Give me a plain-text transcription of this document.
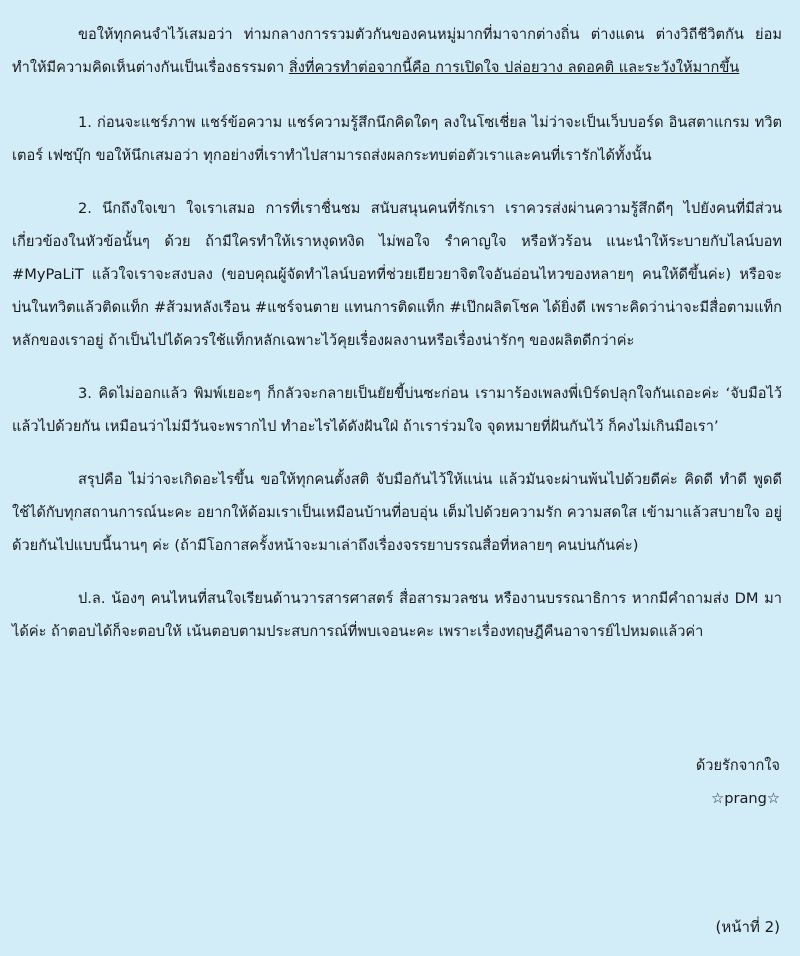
ขอให้ทุกคนจำไว้เสมอว่า ท่ามกลางการรวมตัวกันของคนหมู่มากที่มาจากต่างถิ่น ต่างแดน ต่างวิถีชีวิตกัน ย่อมทำให้มีความคิดเห็นต่างกันเป็นเรื่องธรรมดา สิ่งที่ควรทำต่อจากนี้คือ การเปิดใจ ปล่อยวาง ลดอคติ และระวังให้มากขึ้น

1. ก่อนจะแชร์ภาพ แชร์ข้อความ แชร์ความรู้สึกนึกคิดใดๆ ลงในโซเชี่ยล ไม่ว่าจะเป็นเว็บบอร์ด อินสตาแกรม ทวิตเตอร์ เฟซบุ๊ก ขอให้นึกเสมอว่า ทุกอย่างที่เราทำไปสามารถส่งผลกระทบต่อตัวเราและคนที่เรารักได้ทั้งนั้น

2. นึกถึงใจเขา ใจเราเสมอ การที่เราชื่นชม สนับสนุนคนที่รักเรา เราควรส่งผ่านความรู้สึกดีๆ ไปยังคนที่มีส่วนเกี่ยวข้องในหัวข้อนั้นๆ ด้วย ถ้ามีใครทำให้เราหงุดหงิด ไม่พอใจ รำคาญใจ หรือหัวร้อน แนะนำให้ระบายกับไลน์บอท #MyPaLiT แล้วใจเราจะสงบลง (ขอบคุณผู้จัดทำไลน์บอทที่ช่วยเยียวยาจิตใจอันอ่อนไหวของหลายๆ คนให้ดีขึ้นค่ะ) หรือจะบ่นในทวิตแล้วติดแท็ก #ส้วมหลังเรือน #แชร์จนตาย แทนการติดแท็ก #เป๊กผลิตโชค ได้ยิ่งดี เพราะคิดว่าน่าจะมีสื่อตามแท็กหลักของเราอยู่ ถ้าเป็นไปได้ควรใช้แท็กหลักเฉพาะไว้คุยเรื่องผลงานหรือเรื่องน่ารักๆ ของผลิตดีกว่าค่ะ

3. คิดไม่ออกแล้ว พิมพ์เยอะๆ ก็กลัวจะกลายเป็นยัยขี้บ่นซะก่อน เรามาร้องเพลงพี่เบิร์ดปลุกใจกันเถอะค่ะ ‘จับมือไว้ แล้วไปด้วยกัน เหมือนว่าไม่มีวันจะพรากไป ทำอะไรได้ดังฝันใฝ่ ถ้าเราร่วมใจ จุดหมายที่ฝันกันไว้ ก็คงไม่เกินมือเรา’

สรุปคือ ไม่ว่าจะเกิดอะไรขึ้น ขอให้ทุกคนตั้งสติ จับมือกันไว้ให้แน่น แล้วมันจะผ่านพ้นไปด้วยดีค่ะ คิดดี ทำดี พูดดี ใช้ได้กับทุกสถานการณ์นะคะ อยากให้ด้อมเราเป็นเหมือนบ้านที่อบอุ่น เต็มไปด้วยความรัก ความสดใส เข้ามาแล้วสบายใจ อยู่ด้วยกันไปแบบนี้นานๆ ค่ะ (ถ้ามีโอกาสครั้งหน้าจะมาเล่าถึงเรื่องจรรยาบรรณสื่อที่หลายๆ คนบ่นกันค่ะ)

ป.ล. น้องๆ คนไหนที่สนใจเรียนด้านวารสารศาสตร์ สื่อสารมวลชน หรืองานบรรณาธิการ หากมีคำถามส่ง DM มาได้ค่ะ ถ้าตอบได้ก็จะตอบให้ เน้นตอบตามประสบการณ์ที่พบเจอนะคะ เพราะเรื่องทฤษฎีคืนอาจารย์ไปหมดแล้วค่า

ด้วยรักจากใจ
☆prang☆
(หน้าที่ 2)
